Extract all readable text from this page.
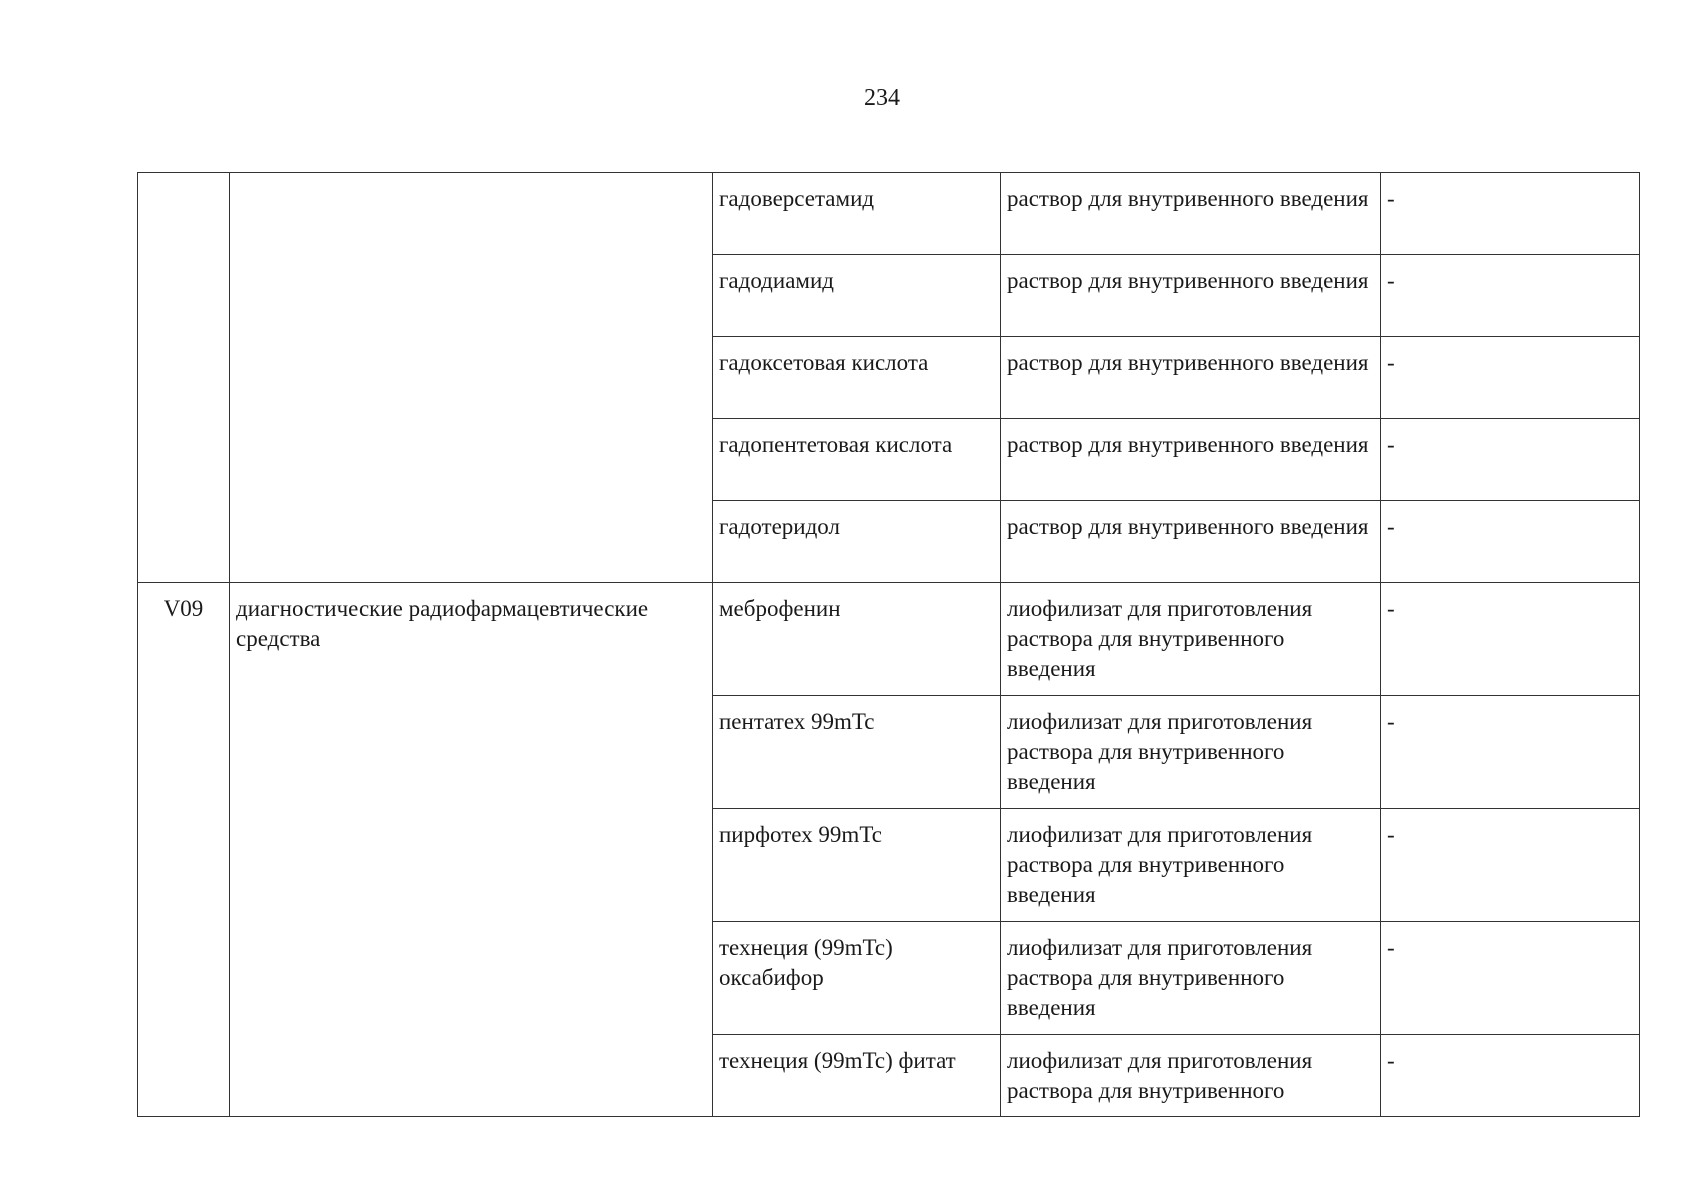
234
		гадоверсетамид	раствор для внутривенного введения	-
		гадодиамид	раствор для внутривенного введения	-
		гадоксетовая кислота	раствор для внутривенного введения	-
		гадопентетовая кислота	раствор для внутривенного введения	-
		гадотеридол	раствор для внутривенного введения	-
V09	диагностические радиофармацевтические средства	меброфенин	лиофилизат для приготовления раствора для внутривенного введения	-
		пентатех 99mTc	лиофилизат для приготовления раствора для внутривенного введения	-
		пирфотех 99mTc	лиофилизат для приготовления раствора для внутривенного введения	-
		технеция (99mTc) оксабифор	лиофилизат для приготовления раствора для внутривенного введения	-
		технеция (99mTc) фитат	лиофилизат для приготовления раствора для внутривенного	-
